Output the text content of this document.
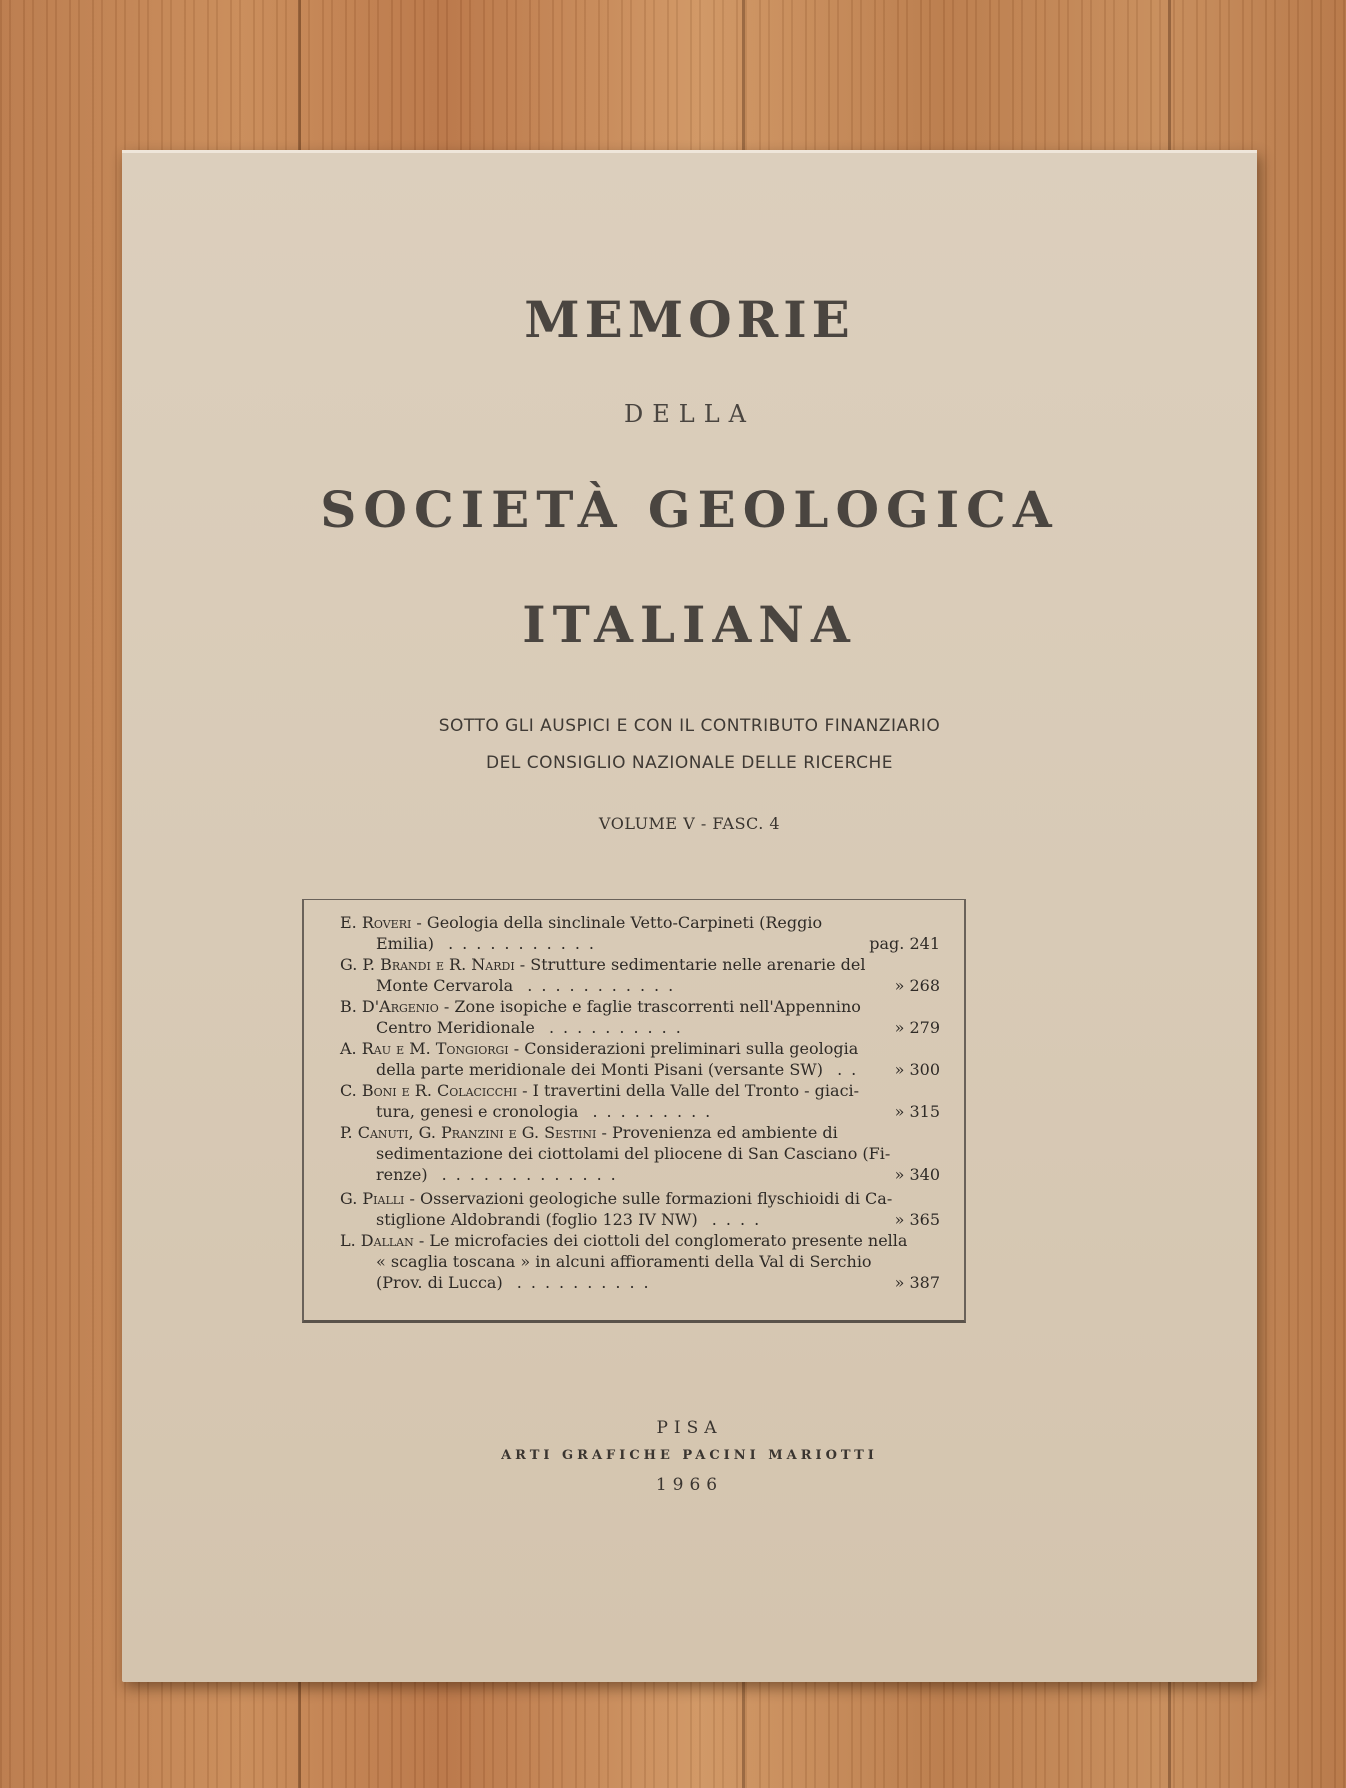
MEMORIE
DELLA
SOCIETÀ GEOLOGICA
ITALIANA
SOTTO GLI AUSPICI E CON IL CONTRIBUTO FINANZIARIO
DEL CONSIGLIO NAZIONALE DELLE RICERCHE
VOLUME V - FASC. 4
E. Roveri - Geologia della sinclinale Vetto-Carpineti (Reggio
Emilia) ...........	pag. 241
G. P. Brandi e R. Nardi - Strutture sedimentarie nelle arenarie del
Monte Cervarola ...........	» 268
B. D'Argenio - Zone isopiche e faglie trascorrenti nell'Appennino
Centro Meridionale ..........	» 279
A. Rau e M. Tongiorgi - Considerazioni preliminari sulla geologia
della parte meridionale dei Monti Pisani (versante SW) .. » 300
C. Boni e R. Colacicchi - I travertini della Valle del Tronto - giaci-
tura, genesi e cronologia .........	» 315
P. Canuti, G. Pranzini e G. Sestini - Provenienza ed ambiente di
sedimentazione dei ciottolami del pliocene di San Casciano (Fi-
renze) .............	» 340
G. Pialli - Osservazioni geologiche sulle formazioni flyschioidi di Ca-
stiglione Aldobrandi (foglio 123 IV NW) ....	» 365
L. Dallan - Le microfacies dei ciottoli del conglomerato presente nella
« scaglia toscana » in alcuni affioramenti della Val di Serchio
(Prov. di Lucca) ..........	» 387
PISA
ARTI GRAFICHE PACINI MARIOTTI
1966
